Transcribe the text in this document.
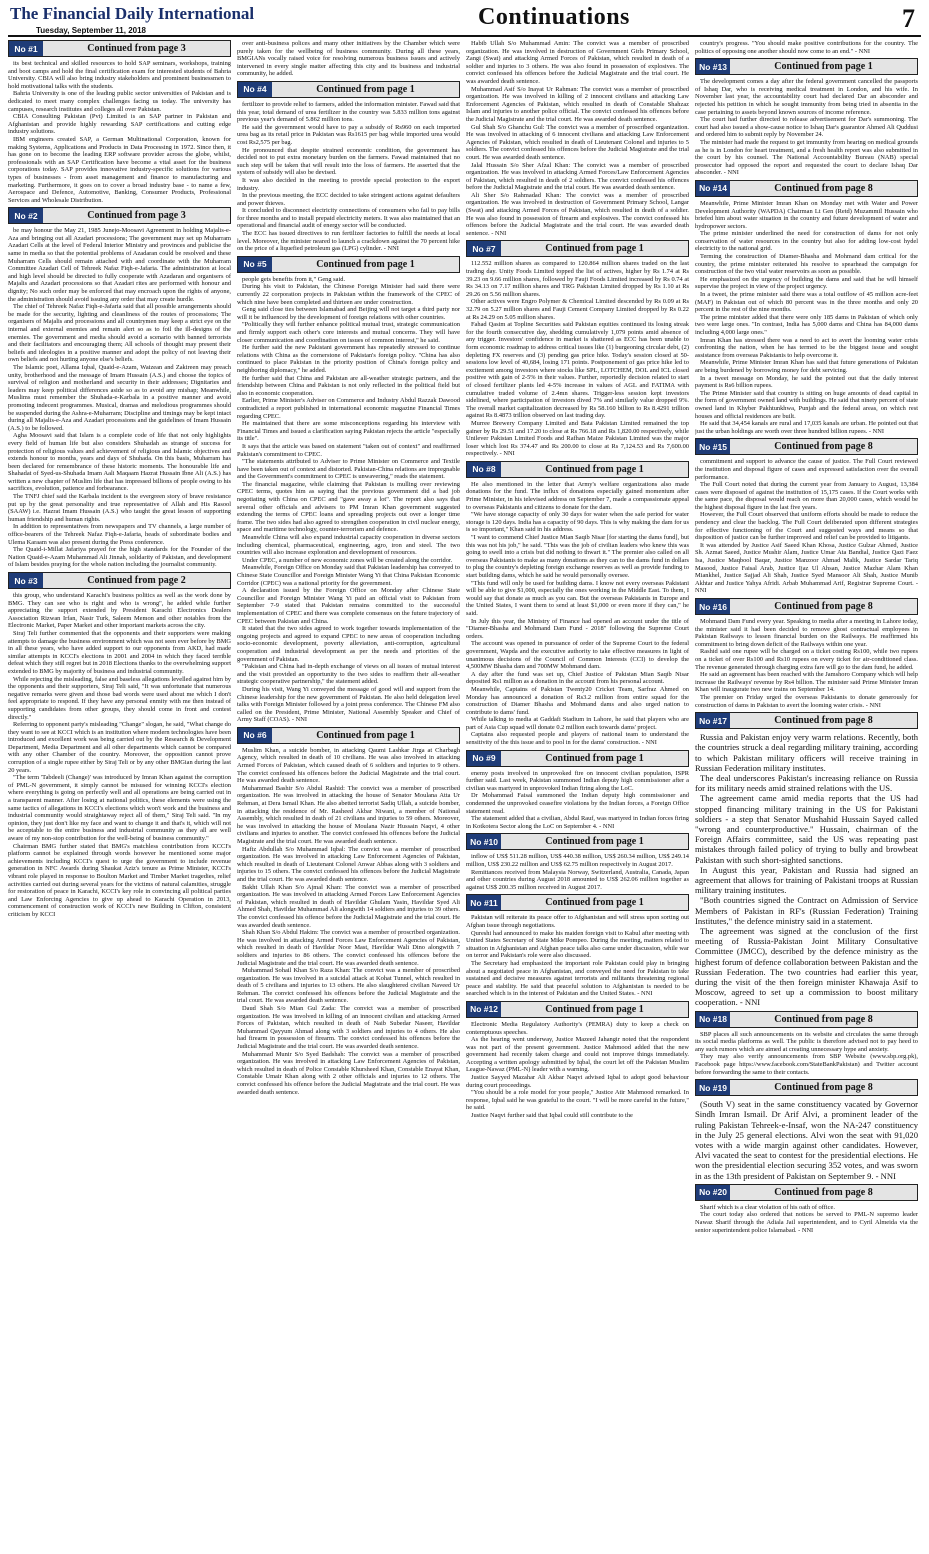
The Financial Daily International
Tuesday, September 11, 2018
Continuations	7
No #1	Continued from page 3

its best technical and skilled resources to hold SAP seminars, workshops, training and boot camps and hold the final certification exam for interested students of Bahria University. CBIA will also bring industry stakeholders and prominent businessmen to hold motivational talks with the students.

Bahria University is one of the leading public sector universities of Pakistan and is dedicated to meet many complex challenges facing us today. The university has campuses, research institutes and colleges all over Pakistan.

CBIA Consulting Pakistan (Pvt) Limited is an SAP partner in Pakistan and Afghanistan and provide highly rewarding SAP certifications and cutting edge industry solutions.

IBM engineers created SAP, a German Multinational Corporation, known for making Systems, Applications and Products in Data Processing in 1972. Since then, it has gone on to become the leading ERP software provider across the globe, whilst, professionals with an SAP Certification have become a vital asset for the business corporations today. SAP provides innovative industry-specific solutions for various types of businesses - from asset management and finance to manufacturing and marketing. Furthermore, it goes on to cover a broad industry base - to name a few, Aerospace and Defence, Automotive, Banking, Consumer Products, Professional Services and Wholesale Distribution.

No #2	Continued from page 3

be may honour the May 21, 1985 Junejo-Moosavi Agreement in holding Majalis-e-Aza and bringing out all Azadari processions; The government may set up Muharram Azadari Cells at the level of Federal Interior Ministry and provinces and publicise the same in media so that the potential problems of Azadaran could be resolved and these Muharram Cells should remain attached with and coordinate with the Muharram Committee Azadari Cell of Tehreek Nafaz Fiqh-e-Jafaria. The administration at local and high level should be directed to fully cooperate with Azadaran and organisers of Majalis and Azadari processions so that Azadari rites are performed with honour and dignity; No such order may be enforced that may encroach upon the rights of anyone, the administration should avoid issuing any order that may create hurdle.

The chief of Tehreek Nafaz Fiqh-e-Jafaria said that all possible arrangements should be made for the security, lighting and cleanliness of the routes of processions; The organisers of Majalis and processions and all countrymen may keep a strict eye on the internal and external enemies and remain alert so as to foil the ill-designs of the enemies. The government and media should avoid a scenario with banned terrorists and their facilitators and encouraging them; All schools of thought may present their beliefs and ideologies in a positive manner and adopt the policy of not leaving their own beliefs and not hurting anyone else's beliefs.

The Islamic poet, Allama Iqbal, Quaid-e-Azam, Waizean and Zakireen may preach unity, brotherhood and the message of Imam Hussain (A.S.) and choose the topics of survival of religion and motherland and security in their addresses; Dignitaries and leaders may keep political differences aside so as to avoid any mishap; Meanwhile, Muslims must remember the Shuhada-e-Karbala in a positive manner and avoid promoting indecent programmes. Musical, dramas and melodious programmes should be suspended during the Ashra-e-Muharram; Discipline and timings may be kept intact during all Majalis-e-Aza and Azadari processions and the guidelines of Imam Hussain (A.S.) to be followed.

Agha Moosavi said that Islam is a complete code of life that not only highlights every field of human life but also considers Shuhadah as strange of success for protection of religious values and achievement of religious and Islamic objectives and extends honour to months, years and days of Shuhada. On this basis, Muharram has been declared for remembrance of these historic moments. The honourable life and Shahadat of Syed-us-Shuhada Imam Aali Maqaam Hazrat Hussain Ibne Ali (A.S.) has written a new chapter of Muslim life that has impressed billions of people owing to his sacrifices, evolution, patience and forbearance.

The TNFJ chief said the Karbala incident is the evergreen story of brave resistance put up by the great personality and true representative of Allah and His Rasool (SAAW) i.e. Hazrat Imam Hussain (A.S.) who taught the great lesson of supporting human friendship and human rights.

In addition to representatives from newspapers and TV channels, a large number of office-bearers of the Tehreek Nafaz Fiqh-e-Jafaria, heads of subordinate bodies and Ulema Karaam was also present during the Press conference.

The Quaid-i-Millat Jafariya prayed for the high standards for the Founder of the Nation Quaid-e-Azam Muhammad Ali Jinnah, solidarity of Pakistan, and development of Islam besides praying for the whole nation including the journalist community.

No #3	Continued from page 2

this group, who understand Karachi's business politics as well as the work done by BMG. They can see who is right and who is wrong", he added while further appreciating the support extended by President Karachi Electronics Dealers Association Rizwan Irfan, Nasir Turk, Saleem Memon and other notables from the Electronic Market, Paper Market and other important markets across the city.

Siraj Teli further commented that the opponents and their supporters were making attempts to damage the business environment which was not seen ever before by BMG in all these years, who have added support to our opponents from AKD, had made similar attempts in KCCI's elections in 2001 and 2004 in which they faced terrible defeat which they still regret but in 2018 Elections thanks to the overwhelming support extended to BMG by majority of business and industrial community.

While rejecting the misleading, false and baseless allegations levelled against him by the opponents and their supporters, Siraj Teli said, "It was unfortunate that numerous negative remarks were given and those bad words were used about me which I don't feel appropriate to respond. If they have any personal enmity with me then instead of supporting candidates from other groups, they should come in front and contest directly."

Referring to opponent party's misleading "Change" slogan, he said, "What change do they want to see at KCCI which is an institution where modern technologies have been introduced and excellent work was being carried out by the Research & Development Department, Media Department and all other departments which cannot be compared with any other Chamber of the country. Moreover, the opposition cannot prove corruption of a single rupee either by Siraj Teli or by any other BMGian during the last 20 years.

"The term 'Tabdeeli (Change)' was introduced by Imran Khan against the corruption of PML-N government, it simply cannot be misused for winning KCCI's election where everything is going on perfectly well and all operations are being carried out in a transparent manner. After losing at national politics, these elements were using the same tactics of allegations in KCCI's elections which won't work and the business and industrial community would straightaway reject all of them," Siraj Teli said. "In my opinion, they just don't like my face and want to change it and that's it, which will not be acceptable to the entire business and industrial community as they all are well aware of my non-stop contribution for the well-being of business community."

Chairman BMG further stated that BMG's matchless contribution from KCCI's platform cannot be explained through words however he mentioned some major achievements including KCCI's quest to urge the government to include revenue generation in NFC Awards during Shaukat Aziz's tenure as Prime Minister, KCCI's vibrant role played in response to Boulton Market and Timber Market tragedies, relief activities carried out during several years for the victims of natural calamities, struggle for restoration of peace in Karachi, KCCI's key role in convincing all political parties and Law Enforcing Agencies to give up ahead to Karachi Operation in 2013, commencement of construction work of KCCI's new Building in Clifton, consistent criticism by KCCI

over anti-business polices and many other initiatives by the Chamber which were purely taken for the wellbeing of business community. During all these years, BMGIANs vocally raised voice for resolving numerous business issues and actively intervened in every single matter affecting this city and its business and industrial community, he added.

No #4	Continued from page 1

fertilizer to provide relief to farmers, added the information minister. Fawad said that this year, total demand of urea fertilizer in the country was 5.833 million tons against previous year's demand of 5.862 million tons.

He said the government would have to pay a subsidy of Rs960 on each imported urea bag as its retail price in Pakistan was Rs1615 per bag while imported urea would cost Rs2,575 per bag.

He pronounced that despite strained economic condition, the government has decided not to put extra monetary burden on the farmers. Fawad maintained that no such step will be taken that will result into the loss of farmers. He asserted that the system of subsidy will also be devised.

It was also decided in the meeting to provide special protection to the export industry.

In the previous meeting, the ECC decided to take stringent actions against defaulters and power thieves.

It concluded to disconnect electricity connections of consumers who fail to pay bills for three months and to install prepaid electricity meters. It was also maintained that an operational and financial audit of energy sector will be conducted.

The ECC has issued directives to run fertilizer factories to fulfill the needs at local level. Moreover, the minister neared to launch a crackdown against the 70 percent hike on the price of a liquefied petroleum gas (LPG) cylinder. - NNI

No #5	Continued from page 1

people gets benefits from it," Geng said.

During his visit to Pakistan, the Chinese Foreign Minister had said there were currently 22 corporation projects in Pakistan within the framework of the CPEC of which nine have been completed and thirteen are under construction.

Geng said close ties between Islamabad and Beijing will not target a third party nor will it be influenced by the development of foreign relations with other countries.

"Politically they will further enhance political mutual trust, strategic communication and firmly support each other's core interests and mutual concerns. They will have closer communication and coordination on issues of common interest," he said.

He further said the new Pakistani government has repeatedly stressed to continue relations with China as the cornerstone of Pakistan's foreign policy. "China has also continued to place Pakistan in the priority position of China's foreign policy and neighboring diplomacy," he added.

He further said that China and Pakistan are all-weather strategic partners, and the friendship between China and Pakistan is not only reflected in the political field but also in economic cooperation.

Earlier, Prime Minister's Adviser on Commerce and Industry Abdul Razzak Dawood contradicted a report published in international economic magazine Financial Times regarding CPEC.

He maintained that there are some misconceptions regarding his interview with Financial Times and issued a clarification saying Pakistan rejects the article "especially its title".

It says that the article was based on statement "taken out of context" and reaffirmed Pakistan's commitment to CPEC.

"The statements attributed to Adviser to Prime Minister on Commerce and Textile have been taken out of context and distorted. Pakistan-China relations are impregnable and the Government's commitment to CPEC is unwavering," reads the statement.

The financial magazine, while claiming that Pakistan is mulling over reviewing CPEC terms, quotes him as saying that the previous government did a bad job negotiating with China on CPEC and "gave away a lot". The report also says that several other officials and advisers to PM Imran Khan government suggested extending the terms of CPEC loans and spreading projects out over a longer time frame. The two sides had also agreed to strengthen cooperation in civil nuclear energy, space and maritime technology, counter-terrorism and defence.

Meanwhile China will also expand industrial capacity cooperation in diverse sectors including chemical, pharmaceutical, engineering, agro, iron and steel. The two countries will also increase exploration and development of resources.

Under CPEC, a number of new economic zones will be created along the corridor.

Meanwhile, Foreign Office on Monday said that Pakistan leadership has conveyed to Chinese State Councillor and Foreign Minister Wang Yi that China Pakistan Economic Corridor (CPEC) was a national priority for the government.

A declaration issued by the Foreign Office on Monday after Chinese State Councillor and Foreign Minister Wang Yi paid an official visit to Pakistan from September 7-9 stated that Pakistan remains committed to the successful implementation of CPEC and there was complete consensus on the future trajectory of CPEC between Pakistan and China.

It stated that the two sides agreed to work together towards implementation of the ongoing projects and agreed to expand CPEC to new areas of cooperation including socio-economic development, poverty alleviation, anti-corruption, agricultural cooperation and industrial development as per the needs and priorities of the government of Pakistan.

"Pakistan and China had in-depth exchange of views on all issues of mutual interest and the visit provided an opportunity to the two sides to reaffirm their all-weather strategic cooperative partnership," the statement added.

During his visit, Wang Yi conveyed the message of good will and support from the Chinese leadership for the new government of Pakistan. He also held delegation level talks with Foreign Minister followed by a joint press conference. The Chinese FM also called on the President, Prime Minister, National Assembly Speaker and Chief of Army Staff (COAS). - NNI

No #6	Continued from page 1

Muslim Khan, a suicide bomber, in attacking Qaumi Lashkar Jirga at Charbagh Agency, which resulted in death of 10 civilians. He was also involved in attacking Armed Forces of Pakistan, which caused death of 6 soldiers and injuries to 9 others. The convict confessed his offences before the Judicial Magistrate and the trial court. He was awarded death sentence.

Muhammad Bashir S/o Abdul Rashid: The convict was a member of proscribed organization. He was involved in attacking the house of Senator Moulana Atta Ur Rehman, at Dera Ismail Khan. He also abetted terrorist Sadiq Ullah, a suicide bomber, in attacking the residence of Mr. Rasheed Akbar Niwani, a member of National Assembly, which resulted in death of 21 civilians and injuries to 59 others. Moreover, he was involved in attacking the house of Moulana Nazir Hussain Naqvi, 4 other civilians and injuries to another. The convict confessed his offences before the Judicial Magistrate and the trial court. He was awarded death sentence.

Hafiz Abdullah S/o Muhammad Iqbal: The convict was a member of proscribed organization. He was involved in attacking Law Enforcement Agencies of Pakistan, which resulted in death of Lieutenant Colonel Anwar Abbas along with 3 soldiers and injuries to 15 others. The convict confessed his offences before the Judicial Magistrate and the trial court. He was awarded death sentence.

Bakht Ullah Khan S/o Ajmal Khan: The convict was a member of proscribed organization. He was involved in attacking Armed Forces Law Enforcement Agencies of Pakistan, which resulted in death of Havildar Ghulam Yasin, Havildar Syed Ali Ahmed Shah, Havildar Muhammad Ali alongwith 14 soldiers and injuries to 39 others. The convict confessed his offence before the Judicial Magistrate and the trial court. He was awarded death sentence.

Shah Khan S/o Abdul Hakim: The convict was a member of proscribed organization. He was involved in attacking Armed Forces Law Enforcement Agencies of Pakistan, which resulted in death of Havildar Noor Mast, Havildar Wali Dino alongwith 7 soldiers and injuries to 86 others. The convict confessed his offences before the Judicial Magistrate and the trial court. He was awarded death sentence.

Muhammad Sohail Khan S/o Raza Khan: The convict was a member of proscribed organization. He was involved in a suicidal attack at Kohat Tunnel, which resulted in death of 5 civilians and injuries to 13 others. He also slaughtered civilian Naveed Ur Rehman. The convict confessed his offences before the Judicial Magistrate and the trial court. He was awarded death sentence.

Daud Shah S/o Mian Gul Zada: The convict was a member of proscribed organization. He was involved in killing of an innocent civilian and attacking Armed Forces of Pakistan, which resulted in death of Naib Subedar Naseer, Havildar Muhammad Qayyum Ahmad along with 3 soldiers and injuries to 4 others. He also had firearm in possession of firearm. The convict confessed his offences before the Judicial Magistrate and the trial court. He was awarded death sentence.

Muhammad Munir S/o Syed Badshah: The convict was a member of proscribed organization. He was involved in attacking Law Enforcement Agencies of Pakistan, which resulted in death of Police Constable Khursheed Khan, Constable Enayat Khan, Constable Umair Khan along with 2 other officials and injuries to 12 others. The convict confessed his offence before the Judicial Magistrate and the trial court. He was awarded death sentence.

Habib Ullah S/o Muhammad Amin: The convict was a member of proscribed organization. He was involved in destruction of Government Girls Primary School, Zangi (Swat) and attacking Armed Forces of Pakistan, which resulted in death of a soldier and injuries to 3 others. He was also found in possession of explosives. The convict confessed his offences before the Judicial Magistrate and the trial court. He was awarded death sentence.

Muhammad Asif S/o Inayat Ur Rahman: The convict was a member of proscribed organization. He was involved in killing of 2 innocent civilians and attacking Law Enforcement Agencies of Pakistan, which resulted in death of Constable Shahzaz Islam and injuries to another police official. The convict confessed his offences before the Judicial Magistrate and the trial court. He was awarded death sentence.

Gul Shah S/o Ghanchu Gul: The convict was a member of proscribed organization. He was involved in attacking of 6 innocent civilians and attacking Law Enforcement Agencies of Pakistan, which resulted in death of Lieutenant Colonel and injuries to 5 soldiers. The convict confessed his offences before the Judicial Magistrate and the trial court. He was awarded death sentence.

Jalal Hussain S/o Sher Afzal Khan: The convict was a member of proscribed organization. He was involved in attacking Armed Forces/Law Enforcement Agencies of Pakistan, which resulted in death of 2 soldiers. The convict confessed his offences before the Judicial Magistrate and the trial court. He was awarded death sentence.

Ali Sher S/o Rahmadad Khan: The convict was a member of proscribed organization. He was involved in destruction of Government Primary School, Langar (Swat) and attacking Armed Forces of Pakistan, which resulted in death of a soldier. He was also found in possession of firearm and explosives. The convict confessed his offences before the Judicial Magistrate and the trial court. He was awarded death sentence. - NNI

No #7	Continued from page 1

112.552 million shares as compared to 120.864 million shares traded on the last trading day. Unity Foods Limited topped the list of actives, higher by Rs 1.74 at Rs 39.23 on 9.66 million shares, followed by Fauji Foods Limited increased by Rs 0.74 at Rs 34.13 on 7.17 million shares and TRG Pakistan Limited dropped by Rs 1.10 at Rs 29.26 on 5.56 million shares.

Other actives were Engro Polymer & Chemical Limited descended by Rs 0.09 at Rs 32.79 on 5.27 million shares and Fauji Cement Company Limited dropped by Rs 0.22 at Rs 24.29 on 5.05 million shares.

Fahad Qasim at Topline Securities said Pakistan equities continued its losing streak for the fourth consecutive day, shedding cumulatively 1,079 points amid absence of any trigger. Investors' confidence in market is shattered as ECC has been unable to form economic roadmap to address critical issues like (1) burgeoning circular debt, (2) depleting FX reserves and (3) pending gas price hike. Today's session closed at 50-sessions low level of 40,684, losing 171 points. Postponement of gas price hike led to excitement among investors where stocks like SPL, LOTCHEM, DOL and ICL closed positive with gain of 2-5% in their values. Further, reportedly decision related to start of closed fertilizer plants led 4-5% increase in values of AGL and FATIMA with cumulative traded volume of 2.4mn shares. Trigger-less session kept investors sidelined, where participation of investors dived 7% and similarly value dropped 9%. The overall market capitalization decreased by Rs 58.160 billion to Rs 8.4291 trillion against Rs 8.4873 trillion observed on last trading day.

Murree Brewery Company Limited and Bata Pakistan Limited remained the top gainer by Rs 29.51 and 17.20 to close at Rs 766.18 and Rs 1,820.00 respectively, while Unilever Pakistan Limited Foods and Rafhan Maize Pakistan Limited was the major loser which lost Rs 374.47 and Rs 200.00 to close at Rs 7,124.53 and Rs 7,600.00 respectively. - NNI

No #8	Continued from page 1

He also mentioned in the letter that Army's welfare organizations also made donations for the fund. The influx of donations especially gained momentum after Prime Minister, in his televised address on September 7, made a compassionate appeal to overseas Pakistanis and citizens to donate for the dam.

"We have storage capacity of only 30 days for water when the safe period for water storage is 120 days. India has a capacity of 90 days. This is why making the dam for us is so important," Khan said in his address.

"I want to commend Chief Justice Mian Saqib Nisar [for starting the dams fund], but this was not his job," he said. "This was the job of civilian leaders who knew this was going to swell into a crisis but did nothing to thwart it." The premier also called on all overseas Pakistanis to make as many donations as they can to the dams fund in dollars to plug the country's depleting foreign exchange reserves as well as provide funding to start building dams, which he said he would personally oversee.

"This fund will only be used for building dams. I know not every overseas Pakistani will be able to give $1,000, especially the ones working in the Middle East. To them, I would say that donate as much as you can. But the overseas Pakistanis in Europe and the United States, I want them to send at least $1,000 or even more if they can," he said.

In July this year, the Ministry of Finance had opened an account under the title of "Diamer-Bhasha and Mohmand Dam Fund - 2018" following the Supreme Court orders.

The account was opened in pursuance of order of the Supreme Court to the federal government, Wapda and the executive authority to take effective measures in light of unanimous decisions of the Council of Common Interests (CCI) to develop the 4,500MW Bhasha dam and 700MW Mohmand dam.

A day after the fund was set up, Chief Justice of Pakistan Mian Saqib Nisar deposited Rs1 million as a donation in the account from his personal account.

Meanwhile, Captains of Pakistan Twenty20 Cricket Team, Sarfraz Ahmed on Monday has announced a donation of Rs3.2 million from entire squad for the construction of Diamer Bhasha and Mohmand dams and also urged nation to contribute to dams' fund.

While talking to media at Gaddafi Stadium in Lahore, he said that players who are part of Asia Cup squad will donate 0.2 million each towards dams' project.

Captains also requested people and players of national team to understand the sensitivity of the this issue and to pool in for the dams' construction. - NNI

No #9	Continued from page 1

enemy posts involved in unprovoked fire on innocent civilian population, ISPR further said. Last week, Pakistan summoned Indian deputy high commissioner after a civilian was martyred in unprovoked Indian firing along the LoC.

Dr Mohammad Faisal summoned the Indian deputy high commissioner and condemned the unprovoked ceasefire violations by the Indian forces, a Foreign Office statement read.

The statement added that a civilian, Abdul Rauf, was martyred in Indian forces firing in Kotkotera Sector along the LoC on September 4. - NNI

No #10	Continued from page 1

inflow of US$ 511.28 million, US$ 440.38 million, US$ 260.34 million, US$ 249.14 million, US$ 230.22 million and US$ 62.75 million respectively in August 2017.

Remittances received from Malaysia Norway, Switzerland, Australia, Canada, Japan and other countries during August 2018 amounted to US$ 262.06 million together as against US$ 200.35 million received in August 2017.

No #11	Continued from page 1

Pakistan will reiterate its peace offer to Afghanistan and will stress upon sorting out Afghan issue through negotiations.

Qureshi had announced to make his maiden foreign visit to Kabul after meeting with United States Secretary of State Mike Pompeo. During the meeting, matters related to situation in Afghanistan and Afghan peace talks also came under discussion, while war on terror and Pakistan's role were also discussed.

The Secretary had emphasized the important role Pakistan could play in bringing about a negotiated peace in Afghanistan, and conveyed the need for Pakistan to take sustained and decisive measures against terrorists and militants threatening regional peace and stability. He said that peaceful solution to Afghanistan is needed to be searched which is in the interest of Pakistan and the United States. - NNI

No #12	Continued from page 1

Electronic Media Regulatory Authority's (PEMRA) duty to keep a check on contemptuous speeches.

As the hearing went underway, Justice Mazeed Jahangir noted that the respondent was not part of the present government. Justice Mahmood added that the new government had recently taken charge and could not improve things immediately. Accepting a written apology submitted by Iqbal, the court let off the Pakistan Muslim League-Nawaz (PML-N) leader with a warning.

Justice Sayyed Mazahar Ali Akbar Naqvi advised Iqbal to adopt good behaviour during court proceedings.

"You should be a role model for your people," Justice Atir Mahmood remarked. In response, Iqbal said he was grateful to the court. "I will be more careful in the future," he said.

Justice Naqvi further said that Iqbal could still contribute to the

country's progress. "You should make positive contributions for the country. The politics of opposing one another should now come to an end." - NNI

No #13	Continued from page 1

The development comes a day after the federal government cancelled the passports of Ishaq Dar, who is receiving medical treatment in London, and his wife. In November last year, the accountability court had declared Dar an absconder and rejected his petition in which he sought immunity from being tried in absentia in the case pertaining to assets beyond known sources of income reference.

The court had further directed to release advertisement for Dar's summoning. The court had also issued a show-cause notice to Ishaq Dar's guarantor Ahmed Ali Quddusi and ordered him to submit reply by November 24.

The minister had made the request to get immunity from hearing on medical grounds as he is in London for heart treatment, and a fresh health report was also submitted in the court by his counsel. The National Accountability Bureau (NAB) special prosecutor had opposed the report and requested the court to declare Ishaq Dar absconder. - NNI

No #14	Continued from page 8

Meanwhile, Prime Minister Imran Khan on Monday met with Water and Power Development Authority (WAPDA) Chairman Lt Gen (Retd) Muzammil Hussain who briefed him about water situation in the country and future development of water and hydropower sectors.

The prime minister underlined the need for construction of dams for not only conservation of water resources in the country but also for adding low-cost hydel electricity to the national grid.

Terming the construction of Diamer-Bhasha and Mohmand dam critical for the country, the prime minister reiterated his resolve to spearhead the campaign for construction of the two vital water reservoirs as soon as possible.

He emphasized on the urgency of building the dams and said that he will himself supervise the project in view of the project urgency.

In a tweet, the prime minister said there was a total outflow of 45 million acre-feet (MAF) in Pakistan out of which 80 percent was in the three months and only 20 percent in the rest of the nine months.

The prime minister added that there were only 185 dams in Pakistan of which only two were large ones. "In contrast, India has 5,000 dams and China has 84,000 dams including 4,000 large ones."

Imran Khan has stressed there was a need to act to avert the looming water crisis confronting the nation, when he has termed to be the biggest issue and sought assistance from overseas Pakistanis to help overcome it.

Meanwhile, Prime Minister Imran Khan has said that future generations of Pakistan are being burdened by borrowing money for debt servicing.

In a tweet message on Monday, he said the pointed out that the daily interest payment is Rs6 billion rupees.

The Prime Minister said that country is sitting on huge amounts of dead capital in the form of government owned land with buildings. He said that ninety percent of state owned land in Khyber Pakhtunkhwa, Punjab and the federal areas, on which rest houses and official residences are built.

He said that 34,454 kanals are rural and 17,035 kanals are urban. He pointed out that just the urban holdings are worth over three hundred billion rupees. - NNI

No #15	Continued from page 8

commitment and support to advance the cause of justice. The Full Court reviewed the institution and disposal figure of cases and expressed satisfaction over the overall performance.

The Full Court noted that during the current year from January to August, 13,384 cases were disposed of against the institution of 15,175 cases. If the Court works with the same pace, the disposal would reach on more than 20,000 cases, which would be the highest disposal figure in the last five years.

However, the Full Court observed that uniform efforts should be made to reduce the pendency and clear the backlog. The Full Court deliberated upon different strategies for effective functioning of the Court and suggested ways and means so that disposition of justice can be further improved and relief can be provided to litigants.

It was attended by Justice Asif Saeed Khan Khosa, Justice Gulzar Ahmed, Justice Sh. Azmat Saeed, Justice Mushir Alam, Justice Umar Ata Bandial, Justice Qazi Faez Isa, Justice Maqbool Baqar, Justice Manzoor Ahmad Malik, Justice Sardar Tariq Masood, Justice Faisal Arab, Justice Ijaz Ul Ahsan, Justice Mazhar Alam Khan Miankhel, Justice Sajjad Ali Shah, Justice Syed Mansoor Ali Shah, Justice Munib Akhtar and Justice Yahya Afridi. Arbab Muhammad Arif, Registrar Supreme Court. - NNI

No #16	Continued from page 8

Mohmand Dam Fund every year. Speaking to media after a meeting in Lahore today, the minister said it had been decided to remove ghost contractual employees in Pakistan Railways to lessen financial burden on the Railways. He reaffirmed his commitment to bring down deficit of the Railways within one year.

Rashid said one rupee will be charged on a ticket costing Rs100, while two rupees on a ticket of over Rs100 and Rs10 rupees on every ticket for air-conditioned class. The revenue generated through charging extra fare will go to the dam fund, he added.

He said an agreement has been reached with the Jamshoro Company which will help increase the Railways' revenue by Rs4 billion. The minister said Prime Minister Imran Khan will inaugurate two new trains on September 14.

The premier on Friday urged the overseas Pakistanis to donate generously for construction of dams in Pakistan to avert the looming water crisis. - NNI

No #17	Continued from page 8

Russia and Pakistan enjoy very warm relations. Recently, both the countries struck a deal regarding military training, according to which Pakistan military officers will receive training in Russian Federation military institutes.

The deal underscores Pakistan's increasing reliance on Russia for its military needs amid strained relations with the US.

The agreement came amid media reports that the US had stopped financing military training in the US for Pakistani soldiers - a step that Senator Mushahid Hussain Sayed called "wrong and counterproductive." Hussain, chairman of the Foreign Affairs committee, said the US was repeating past mistakes through failed policy of trying to bully and browbeat Pakistan with such short-sighted sanctions.

In August this year, Pakistan and Russia had signed an agreement that allows for training of Pakistani troops at Russian military training institutes.

"Both countries signed the Contract on Admission of Service Members of Pakistan in RF's (Russian Federation) Training Institutes," the defence ministry said in a statement.

The agreement was signed at the conclusion of the first meeting of Russia-Pakistan Joint Military Consultative Committee (JMCC), described by the defence ministry as the highest forum of defence collaboration between Pakistan and the Russian Federation. The two countries had earlier this year, during the visit of the then foreign minister Khawaja Asif to Moscow, agreed to set up a commission to boost military cooperation. - NNI

No #18	Continued from page 8

SBP places all such announcements on its website and circulates the same through its social media platforms as well. The public is therefore advised not to pay heed to any such rumors which are aimed at creating unnecessary hype and anxiety.

They may also verify announcements from SBP Website (www.sbp.org.pk), Facebook page https://www.facebook.com/StateBankPakistan) and Twitter account before forwarding the same to their contacts.

No #19	Continued from page 8

(South V) seat in the same constituency vacated by Governor Sindh Imran Ismail. Dr Arif Alvi, a prominent leader of the ruling Pakistan Tehreek-e-Insaf, won the NA-247 constituency in the July 25 general elections. Alvi won the seat with 91,020 votes with a wide margin against other candidates. However, Alvi vacated the seat to contest for the presidential elections. He won the presidential election securing 352 votes, and was sworn in as the 13th president of Pakistan on September 9. - NNI

No #20	Continued from page 8

Sharif which is a clear violation of his oath of office.

The court today also ordered that notices be served to PML-N supremo leader Nawaz Sharif through the Adiala Jail superintendent, and to Cyril Almeida via the senior superintendent police Islamabad. - NNI
